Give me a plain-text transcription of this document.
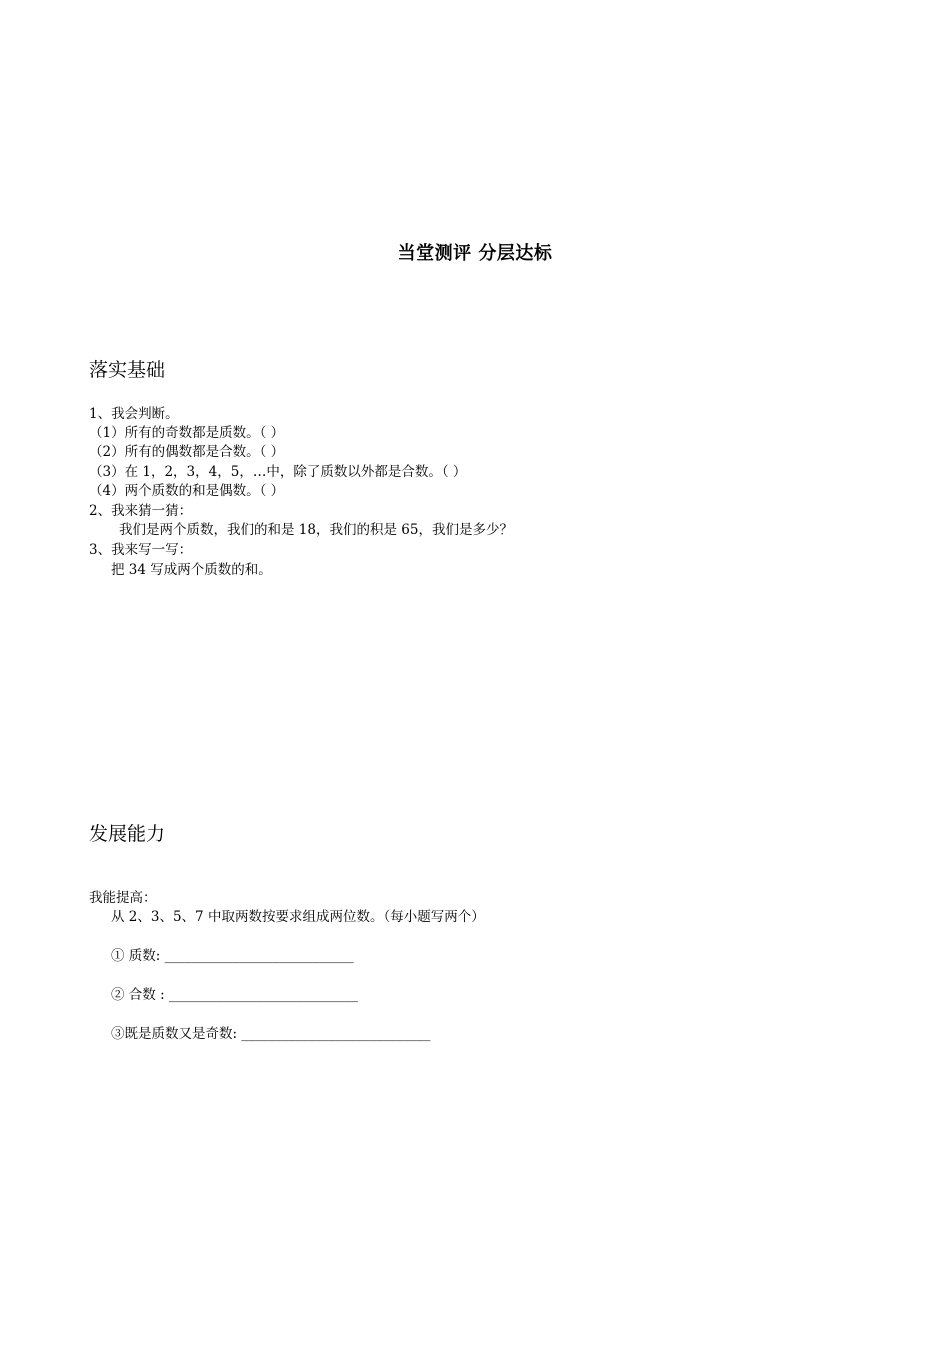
当堂测评 分层达标
落实基础
1、我会判断。
（1）所有的奇数都是质数。（ ）
（2）所有的偶数都是合数。（ ）
（3）在 1，2，3，4，5，…中，除了质数以外都是合数。（ ）
（4）两个质数的和是偶数。（ ）
2、我来猜一猜：
我们是两个质数，我们的和是 18，我们的积是 65，我们是多少？
3、我来写一写：
把 34 写成两个质数的和。
发展能力
我能提高：
从 2、3、5、7 中取两数按要求组成两位数。（每小题写两个）
① 质数: ____________________________
② 合数 : ____________________________
③既是质数又是奇数: ____________________________
